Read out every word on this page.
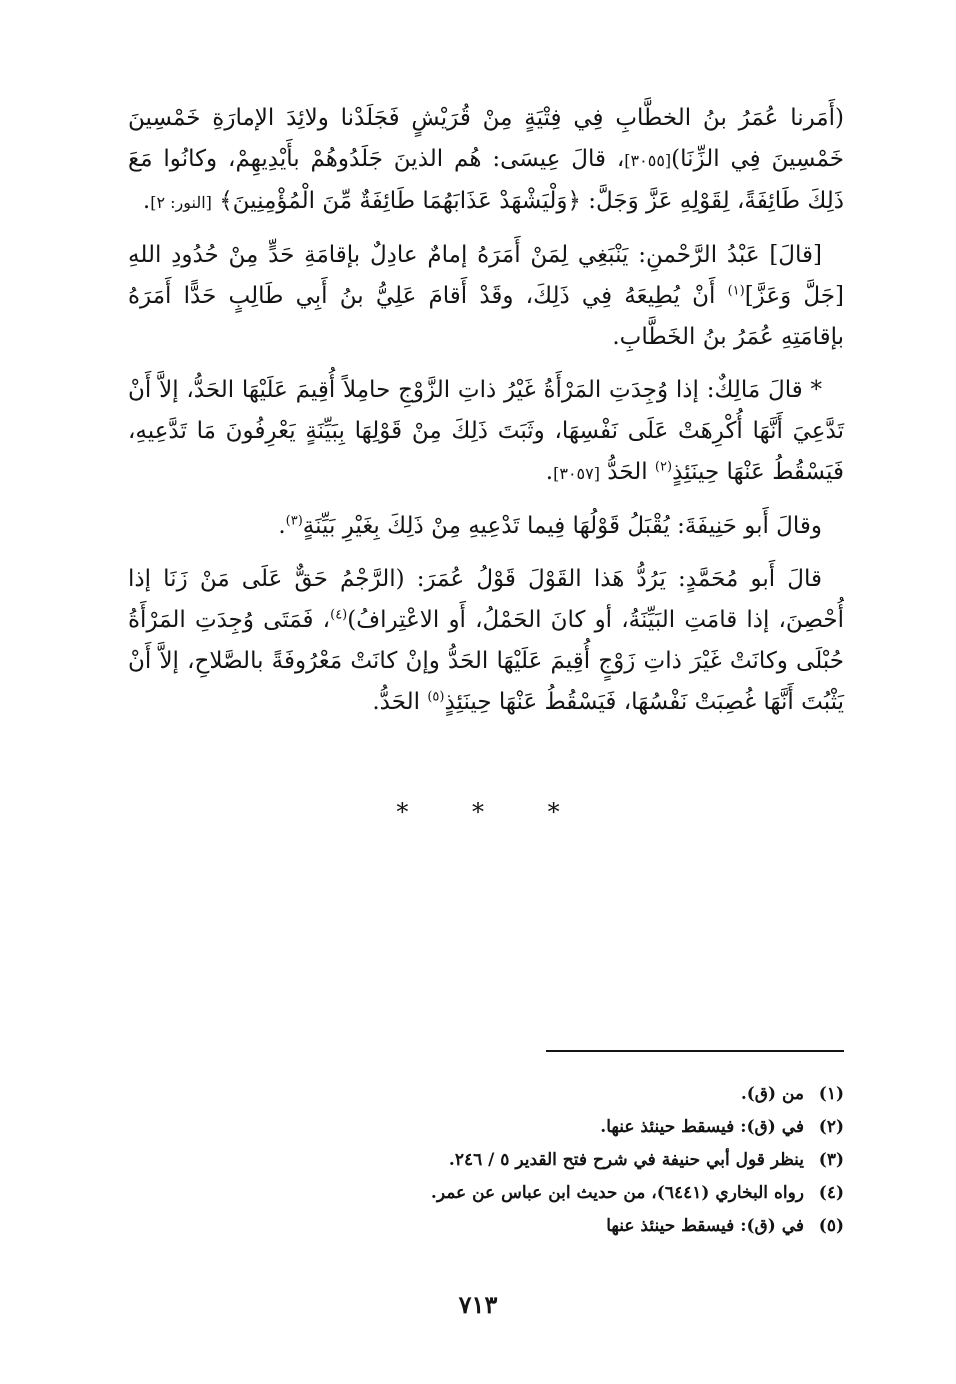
(أَمَرنا عُمَرُ بنُ الخطَّابِ فِي فِتْيَةٍ مِنْ قُرَيْشٍ فَجَلَدْنا ولائِدَ الإمارَةِ خَمْسِينَ خَمْسِينَ فِي الزِّنَا)[٣٠٥٥]، قالَ عِيسَى: هُم الذينَ جَلَدُوهُمْ بأَيْدِيهِمْ، وكانُوا مَعَ ذَلِكَ طَائِفَةً، لِقَوْلِهِ عَزَّ وَجَلَّ: ﴿وَلْيَشْهَدْ عَذَابَهُمَا طَائِفَةٌ مِّنَ الْمُؤْمِنِينَ﴾ [النور: ٢].

[قالَ] عَبْدُ الرَّحْمنِ: يَنْبَغِي لِمَنْ أَمَرَهُ إمامٌ عادِلٌ بإقامَةِ حَدٍّ مِنْ حُدُودِ اللهِ [جَلَّ وَعَزَّ]$^{(١)}$ أَنْ يُطِيعَهُ فِي ذَلِكَ، وقَدْ أَقامَ عَلِيُّ بنُ أَبِي طَالِبٍ حَدًّا أَمَرَهُ بإقامَتِهِ عُمَرُ بنُ الخَطَّابِ.

* قالَ مَالِكٌ: إذا وُجِدَتِ المَرْأَةُ غَيْرُ ذاتِ الزَّوْجِ حامِلاً أُقِيمَ عَلَيْهَا الحَدُّ، إلاَّ أَنْ تَدَّعِيَ أَنَّهَا أُكْرِهَتْ عَلَى نَفْسِهَا، وثَبَتَ ذَلِكَ مِنْ قَوْلِهَا بِبَيِّنَةٍ يَعْرِفُونَ مَا تَدَّعِيهِ، فَيَسْقُطُ عَنْهَا حِينَئِذٍ$^{(٢)}$ الحَدُّ [٣٠٥٧].

وقالَ أَبو حَنِيفَةَ: يُقْبَلُ قَوْلُهَا فِيما تَدْعِيهِ مِنْ ذَلِكَ بِغَيْرِ بَيِّنَةٍ$^{(٣)}$.

قالَ أَبو مُحَمَّدٍ: يَرُدُّ هَذا القَوْلَ قَوْلُ عُمَرَ: (الرَّجْمُ حَقٌّ عَلَى مَنْ زَنَا إذا أُحْصِنَ، إذا قامَتِ البَيِّنَةُ، أو كانَ الحَمْلُ، أَو الاعْتِرافُ)$^{(٤)}$، فَمَتَى وُجِدَتِ المَرْأَةُ حُبْلَى وكانَتْ غَيْرَ ذاتِ زَوْجٍ أُقِيمَ عَلَيْهَا الحَدُّ وإنْ كانَتْ مَعْرُوفَةً بالصَّلاحِ، إلاَّ أَنْ يَثْبُتَ أَنَّهَا غُصِبَتْ نَفْسُهَا، فَيَسْقُطُ عَنْهَا حِينَئِذٍ$^{(٥)}$ الحَدُّ.

* * *
(١)
من (ق).
(٢)
في (ق): فيسقط حينئذ عنها.
(٣)
ينظر قول أبي حنيفة في شرح فتح القدير ٥ / ٢٤٦.
(٤)
رواه البخاري (٦٤٤١)، من حديث ابن عباس عن عمر.
(٥)
في (ق): فيسقط حينئذ عنها
٧١٣
